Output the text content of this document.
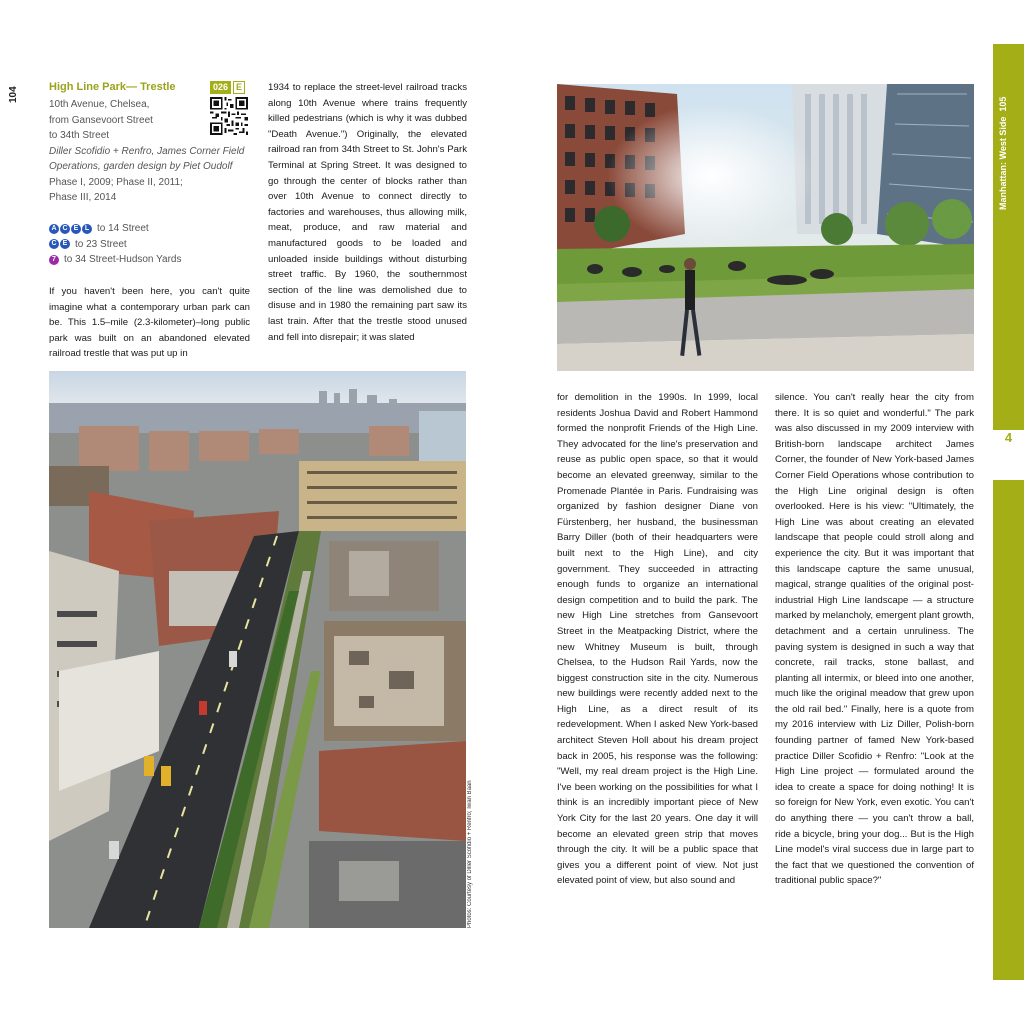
104	High Line Park— Trestle	026 E
10th Avenue, Chelsea,
from Gansevoort Street
to 34th Street
Diller Scofidio + Renfro, James Corner Field
Operations, garden design by Piet Oudolf
Phase I, 2009; Phase II, 2011;
Phase III, 2014
A C E L to 14 Street
C E to 23 Street
7 to 34 Street-Hudson Yards

If you haven't been here, you can't quite imagine what a contemporary urban park can be. This 1.5–mile (2.3-kilometer)–long public park was built on an abandoned elevated railroad trestle that was put up in

1934 to replace the street-level railroad tracks along 10th Avenue where trains frequently killed pedestrians (which is why it was dubbed "Death Avenue.") Originally, the elevated railroad ran from 34th Street to St. John's Park Terminal at Spring Street. It was designed to go through the center of blocks rather than over 10th Avenue to connect directly to factories and warehouses, thus allowing milk, meat, produce, and raw material and manufactured goods to be loaded and unloaded inside buildings without disturbing street traffic. By 1960, the southernmost section of the line was demolished due to disuse and in 1980 the remaining part saw its last train. After that the trestle stood unused and fell into disrepair; it was slated

for demolition in the 1990s. In 1999, local residents Joshua David and Robert Hammond formed the nonprofit Friends of the High Line. They advocated for the line's preservation and reuse as public open space, so that it would become an elevated greenway, similar to the Promenade Plantée in Paris. Fundraising was organized by fashion designer Diane von Fürstenberg, her husband, the businessman Barry Diller (both of their headquarters were built next to the High Line), and city government. They succeeded in attracting enough funds to organize an international design competition and to build the park. The new High Line stretches from Gansevoort Street in the Meatpacking District, where the new Whitney Museum is built, through Chelsea, to the Hudson Rail Yards, now the biggest construction site in the city. Numerous new buildings were recently added next to the High Line, as a direct result of its redevelopment. When I asked New York-based architect Steven Holl about his dream project back in 2005, his response was the following: "Well, my real dream project is the High Line. I've been working on the possibilities for what I think is an incredibly important piece of New York City for the last 20 years. One day it will become an elevated green strip that moves through the city. It will be a public space that gives you a different point of view. Not just elevated point of view, but also sound and

silence. You can't really hear the city from there. It is so quiet and wonderful." The park was also discussed in my 2009 interview with British-born landscape architect James Corner, the founder of New York-based James Corner Field Operations whose contribution to the High Line original design is often overlooked. Here is his view: "Ultimately, the High Line was about creating an elevated landscape that people could stroll along and experience the city. But it was important that this landscape capture the same unusual, magical, strange qualities of the original post-industrial High Line landscape — a structure marked by melancholy, emergent plant growth, detachment and a certain unruliness. The paving system is designed in such a way that concrete, rail tracks, stone ballast, and planting all intermix, or bleed into one another, much like the original meadow that grew upon the old rail bed." Finally, here is a quote from my 2016 interview with Liz Diller, Polish-born founding partner of famed New York-based practice Diller Scofidio + Renfro: "Look at the High Line project — formulated around the idea to create a space for doing nothing! It is so foreign for New York, even exotic. You can't do anything there — you can't throw a ball, ride a bicycle, bring your dog... But is the High Line model's viral success due in large part to the fact that we questioned the convention of traditional public space?"

Photos: Courtesy of Diller Scofidio + Renfro; Iwan Baan
Manhattan: West Side  105
4
